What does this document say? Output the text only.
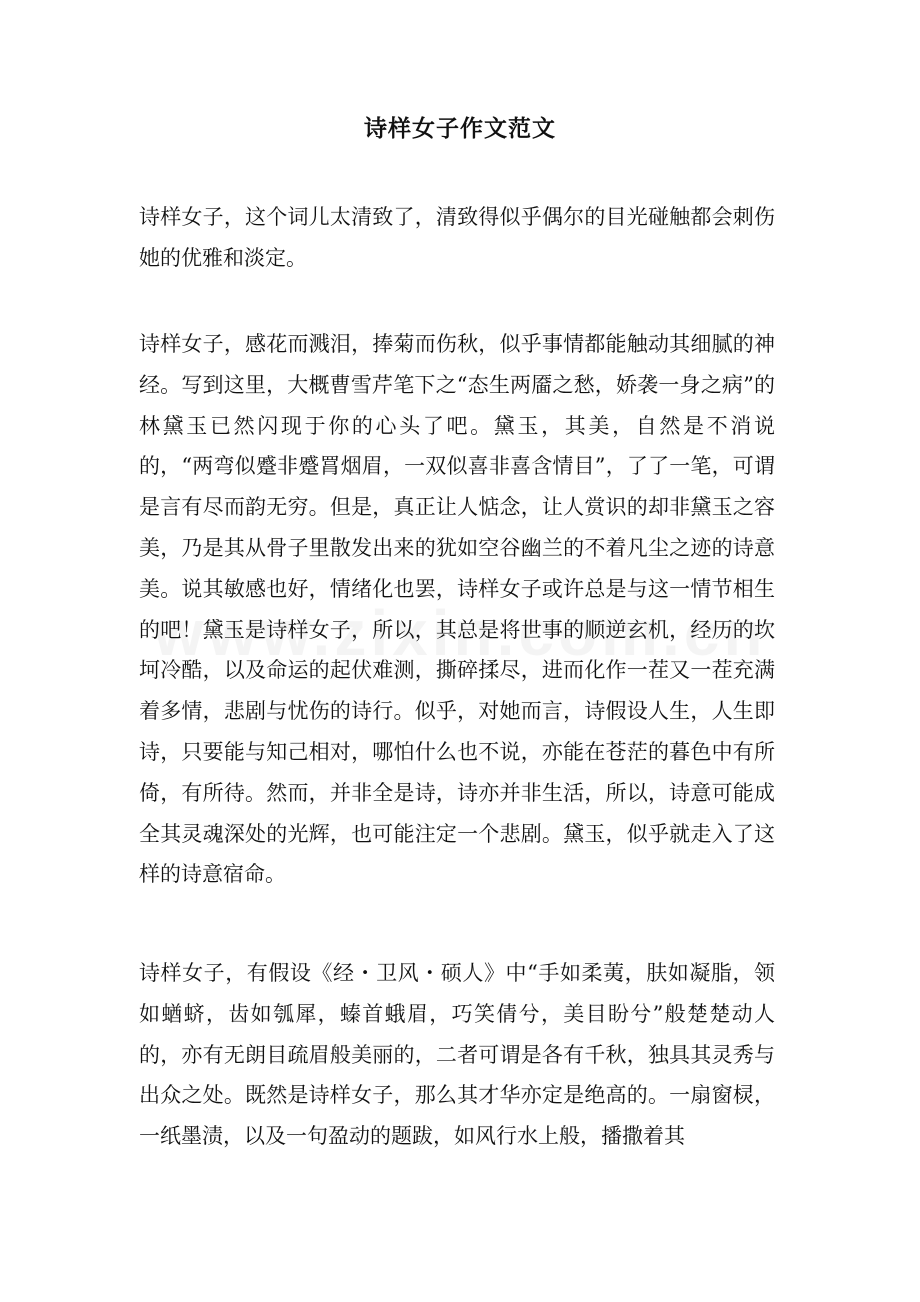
诗样女子作文范文

诗样女子，这个词儿太清致了，清致得似乎偶尔的目光碰触都会刺伤她的优雅和淡定。

诗样女子，感花而溅泪，捧菊而伤秋，似乎事情都能触动其细腻的神经。写到这里，大概曹雪芹笔下之“态生两靥之愁，娇袭一身之病”的林黛玉已然闪现于你的心头了吧。黛玉，其美，自然是不消说的，“两弯似蹙非蹙罥烟眉，一双似喜非喜含情目”，了了一笔，可谓是言有尽而韵无穷。但是，真正让人惦念，让人赏识的却非黛玉之容美，乃是其从骨子里散发出来的犹如空谷幽兰的不着凡尘之迹的诗意美。说其敏感也好，情绪化也罢，诗样女子或许总是与这一情节相生的吧！黛玉是诗样女子，所以，其总是将世事的顺逆玄机，经历的坎坷冷酷，以及命运的起伏难测，撕碎揉尽，进而化作一茬又一茬充满着多情，悲剧与忧伤的诗行。似乎，对她而言，诗假设人生，人生即诗，只要能与知己相对，哪怕什么也不说，亦能在苍茫的暮色中有所倚，有所待。然而，并非全是诗，诗亦并非生活，所以，诗意可能成全其灵魂深处的光辉，也可能注定一个悲剧。黛玉，似乎就走入了这样的诗意宿命。

诗样女子，有假设《经・卫风・硕人》中“手如柔荑，肤如凝脂，领如蝤蛴，齿如瓠犀，螓首蛾眉，巧笑倩兮，美目盼兮”般楚楚动人的，亦有无朗目疏眉般美丽的，二者可谓是各有千秋，独具其灵秀与出众之处。既然是诗样女子，那么其才华亦定是绝高的。一扇窗棂，一纸墨渍，以及一句盈动的题跋，如风行水上般，播撒着其
